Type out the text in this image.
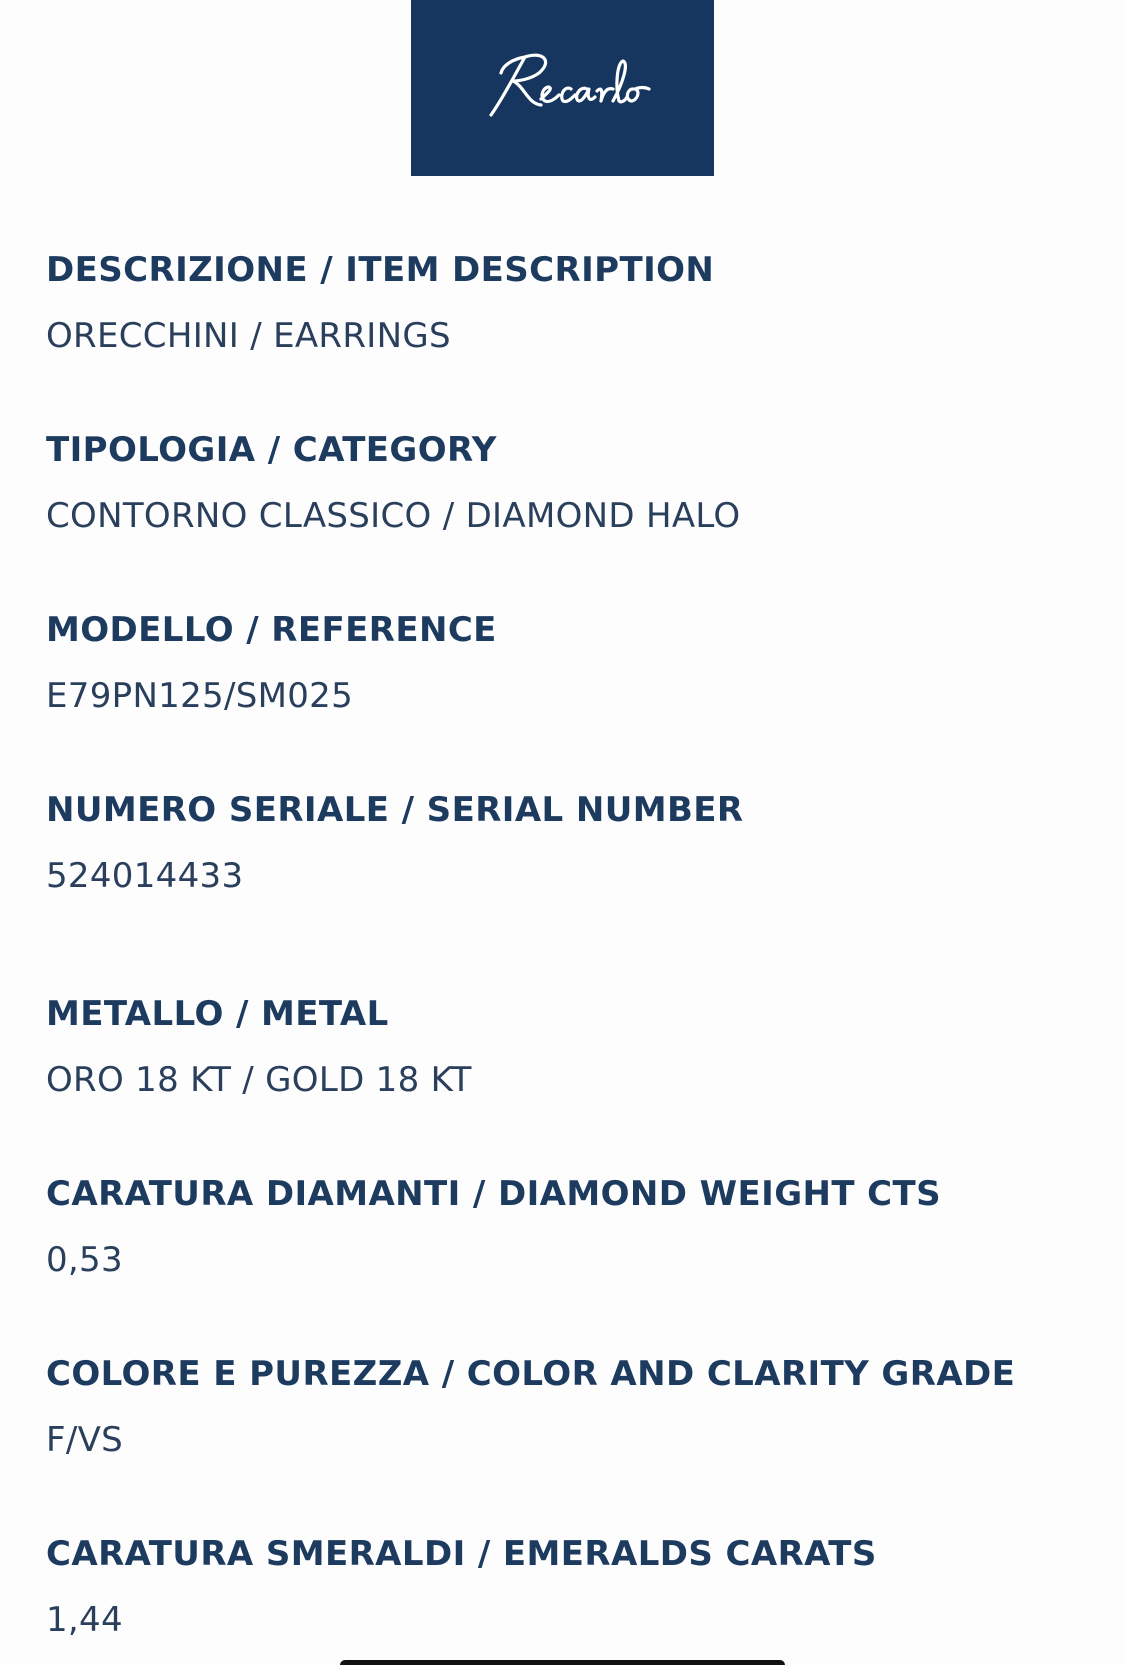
DESCRIZIONE / ITEM DESCRIPTION
ORECCHINI / EARRINGS
TIPOLOGIA / CATEGORY
CONTORNO CLASSICO / DIAMOND HALO
MODELLO / REFERENCE
E79PN125/SM025
NUMERO SERIALE / SERIAL NUMBER
524014433
METALLO / METAL
ORO 18 KT / GOLD 18 KT
CARATURA DIAMANTI / DIAMOND WEIGHT CTS
0,53
COLORE E PUREZZA / COLOR AND CLARITY GRADE
F/VS
CARATURA SMERALDI / EMERALDS CARATS
1,44
